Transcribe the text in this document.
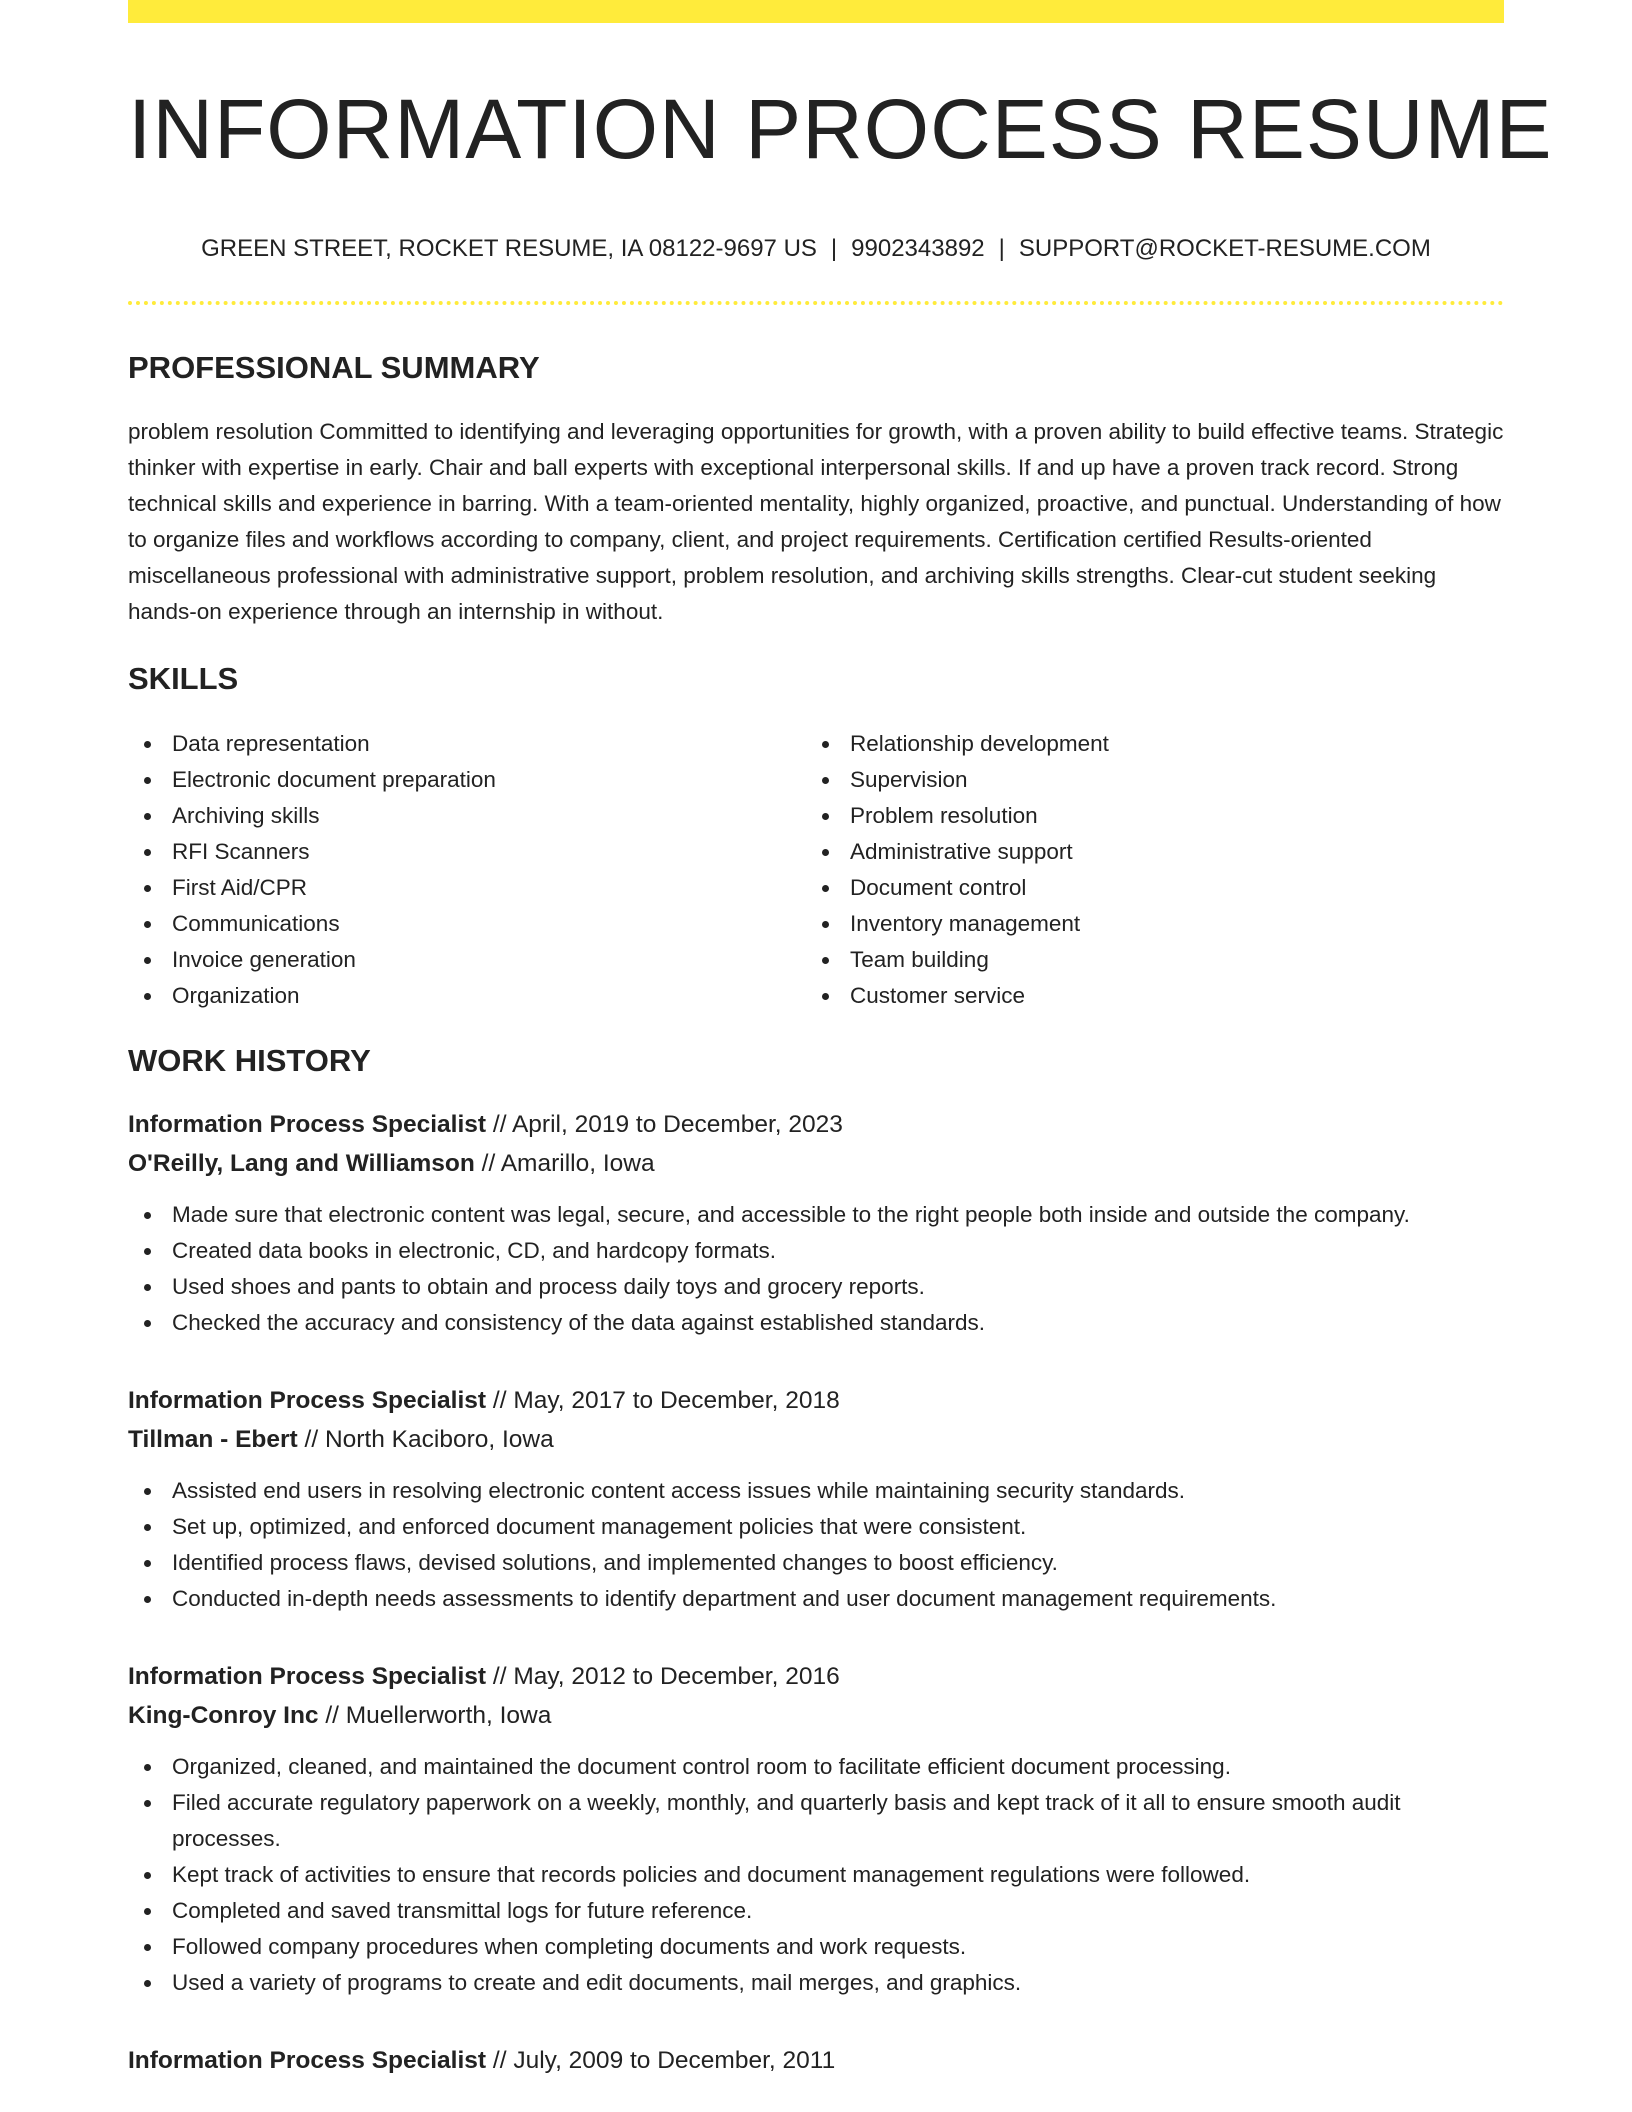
INFORMATION PROCESS RESUME
GREEN STREET, ROCKET RESUME, IA 08122-9697 US | 9902343892 | SUPPORT@ROCKET-RESUME.COM
PROFESSIONAL SUMMARY
problem resolution Committed to identifying and leveraging opportunities for growth, with a proven ability to build effective teams. Strategic thinker with expertise in early. Chair and ball experts with exceptional interpersonal skills. If and up have a proven track record. Strong technical skills and experience in barring. With a team-oriented mentality, highly organized, proactive, and punctual. Understanding of how to organize files and workflows according to company, client, and project requirements. Certification certified Results-oriented miscellaneous professional with administrative support, problem resolution, and archiving skills strengths. Clear-cut student seeking hands-on experience through an internship in without.
SKILLS
Data representation
Electronic document preparation
Archiving skills
RFI Scanners
First Aid/CPR
Communications
Invoice generation
Organization
Relationship development
Supervision
Problem resolution
Administrative support
Document control
Inventory management
Team building
Customer service
WORK HISTORY
Information Process Specialist // April, 2019 to December, 2023
O'Reilly, Lang and Williamson // Amarillo, Iowa
Made sure that electronic content was legal, secure, and accessible to the right people both inside and outside the company.
Created data books in electronic, CD, and hardcopy formats.
Used shoes and pants to obtain and process daily toys and grocery reports.
Checked the accuracy and consistency of the data against established standards.
Information Process Specialist // May, 2017 to December, 2018
Tillman - Ebert // North Kaciboro, Iowa
Assisted end users in resolving electronic content access issues while maintaining security standards.
Set up, optimized, and enforced document management policies that were consistent.
Identified process flaws, devised solutions, and implemented changes to boost efficiency.
Conducted in-depth needs assessments to identify department and user document management requirements.
Information Process Specialist // May, 2012 to December, 2016
King-Conroy Inc // Muellerworth, Iowa
Organized, cleaned, and maintained the document control room to facilitate efficient document processing.
Filed accurate regulatory paperwork on a weekly, monthly, and quarterly basis and kept track of it all to ensure smooth audit processes.
Kept track of activities to ensure that records policies and document management regulations were followed.
Completed and saved transmittal logs for future reference.
Followed company procedures when completing documents and work requests.
Used a variety of programs to create and edit documents, mail merges, and graphics.
Information Process Specialist // July, 2009 to December, 2011
